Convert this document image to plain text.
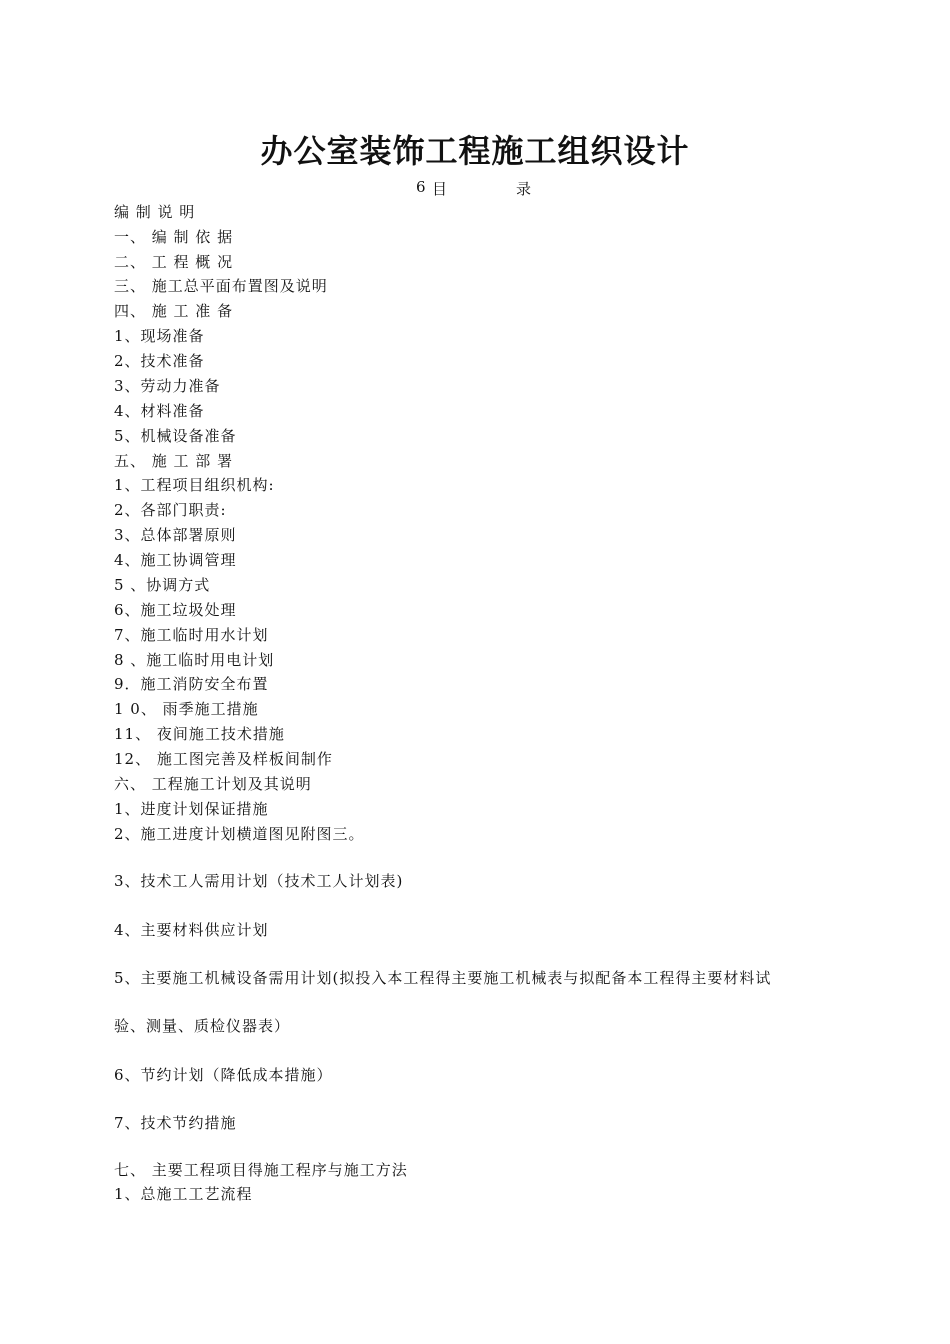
办公室装饰工程施工组织设计
6 目	录
编 制 说 明
一、 编 制 依 据
二、 工 程 概 况
三、 施工总平面布置图及说明
四、 施 工 准 备
1、现场准备
2、技术准备
3、劳动力准备
4、材料准备
5、机械设备准备
五、 施 工 部 署
1、工程项目组织机构:
2、各部门职责:
3、总体部署原则
4、施工协调管理
5 、协调方式
6、施工垃圾处理
7、施工临时用水计划
8 、施工临时用电计划
9．施工消防安全布置
1 0、 雨季施工措施
11、 夜间施工技术措施
12、 施工图完善及样板间制作
六、 工程施工计划及其说明
1、进度计划保证措施
2、施工进度计划横道图见附图三。
3、技术工人需用计划（技术工人计划表)
4、主要材料供应计划
5、主要施工机械设备需用计划(拟投入本工程得主要施工机械表与拟配备本工程得主要材料试
验、测量、质检仪器表）
6、节约计划（降低成本措施）
7、技术节约措施
七、 主要工程项目得施工程序与施工方法
1、总施工工艺流程
